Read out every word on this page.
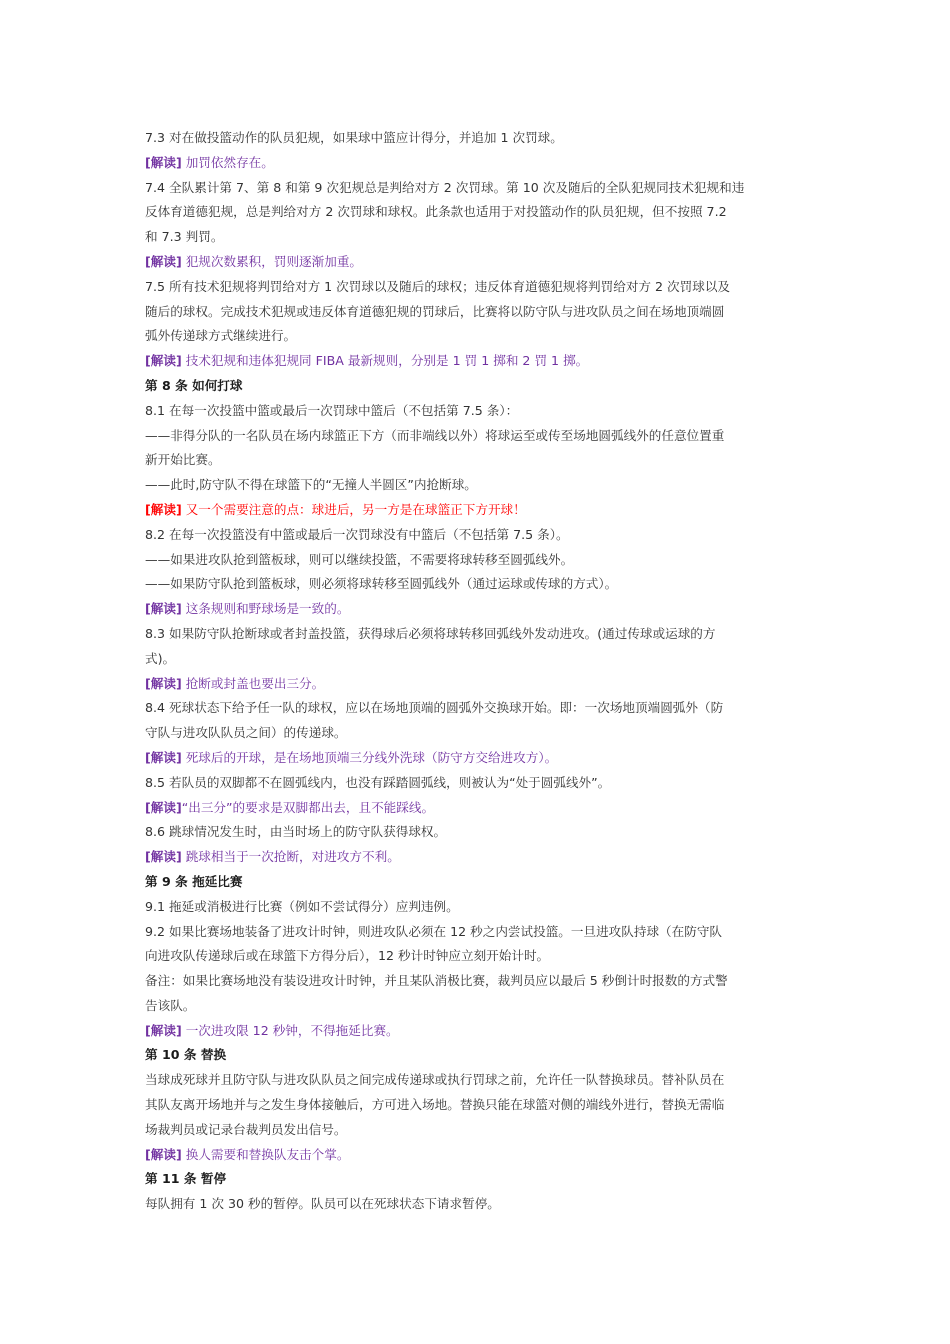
7.3 对在做投篮动作的队员犯规，如果球中篮应计得分，并追加 1 次罚球。
[解读] 加罚依然存在。
7.4 全队累计第 7、第 8 和第 9 次犯规总是判给对方 2 次罚球。第 10 次及随后的全队犯规同技术犯规和违
反体育道德犯规，总是判给对方 2 次罚球和球权。此条款也适用于对投篮动作的队员犯规，但不按照 7.2
和 7.3 判罚。
[解读] 犯规次数累积，罚则逐渐加重。
7.5 所有技术犯规将判罚给对方 1 次罚球以及随后的球权；违反体育道德犯规将判罚给对方 2 次罚球以及
随后的球权。完成技术犯规或违反体育道德犯规的罚球后，比赛将以防守队与进攻队员之间在场地顶端圆
弧外传递球方式继续进行。
[解读] 技术犯规和违体犯规同 FIBA 最新规则，分别是 1 罚 1 掷和 2 罚 1 掷。
第 8 条 如何打球
8.1 在每一次投篮中篮或最后一次罚球中篮后（不包括第 7.5 条）：
——非得分队的一名队员在场内球篮正下方（而非端线以外）将球运至或传至场地圆弧线外的任意位置重
新开始比赛。
——此时,防守队不得在球篮下的“无撞人半圆区”内抢断球。
[解读] 又一个需要注意的点：球进后，另一方是在球篮正下方开球！
8.2 在每一次投篮没有中篮或最后一次罚球没有中篮后（不包括第 7.5 条）。
——如果进攻队抢到篮板球，则可以继续投篮，不需要将球转移至圆弧线外。
——如果防守队抢到篮板球，则必须将球转移至圆弧线外（通过运球或传球的方式）。
[解读] 这条规则和野球场是一致的。
8.3 如果防守队抢断球或者封盖投篮，获得球后必须将球转移回弧线外发动进攻。(通过传球或运球的方
式)。
[解读] 抢断或封盖也要出三分。
8.4 死球状态下给予任一队的球权，应以在场地顶端的圆弧外交换球开始。即：一次场地顶端圆弧外（防
守队与进攻队队员之间）的传递球。
[解读] 死球后的开球，是在场地顶端三分线外洗球（防守方交给进攻方）。
8.5 若队员的双脚都不在圆弧线内，也没有踩踏圆弧线，则被认为“处于圆弧线外”。
[解读]“出三分”的要求是双脚都出去，且不能踩线。
8.6 跳球情况发生时，由当时场上的防守队获得球权。
[解读] 跳球相当于一次抢断，对进攻方不利。
第 9 条 拖延比赛
9.1 拖延或消极进行比赛（例如不尝试得分）应判违例。
9.2 如果比赛场地装备了进攻计时钟，则进攻队必须在 12 秒之内尝试投篮。一旦进攻队持球（在防守队
向进攻队传递球后或在球篮下方得分后），12 秒计时钟应立刻开始计时。
备注：如果比赛场地没有装设进攻计时钟，并且某队消极比赛，裁判员应以最后 5 秒倒计时报数的方式警
告该队。
[解读] 一次进攻限 12 秒钟，不得拖延比赛。
第 10 条 替换
当球成死球并且防守队与进攻队队员之间完成传递球或执行罚球之前，允许任一队替换球员。替补队员在
其队友离开场地并与之发生身体接触后，方可进入场地。替换只能在球篮对侧的端线外进行，替换无需临
场裁判员或记录台裁判员发出信号。
[解读] 换人需要和替换队友击个掌。
第 11 条 暂停
每队拥有 1 次 30 秒的暂停。队员可以在死球状态下请求暂停。
